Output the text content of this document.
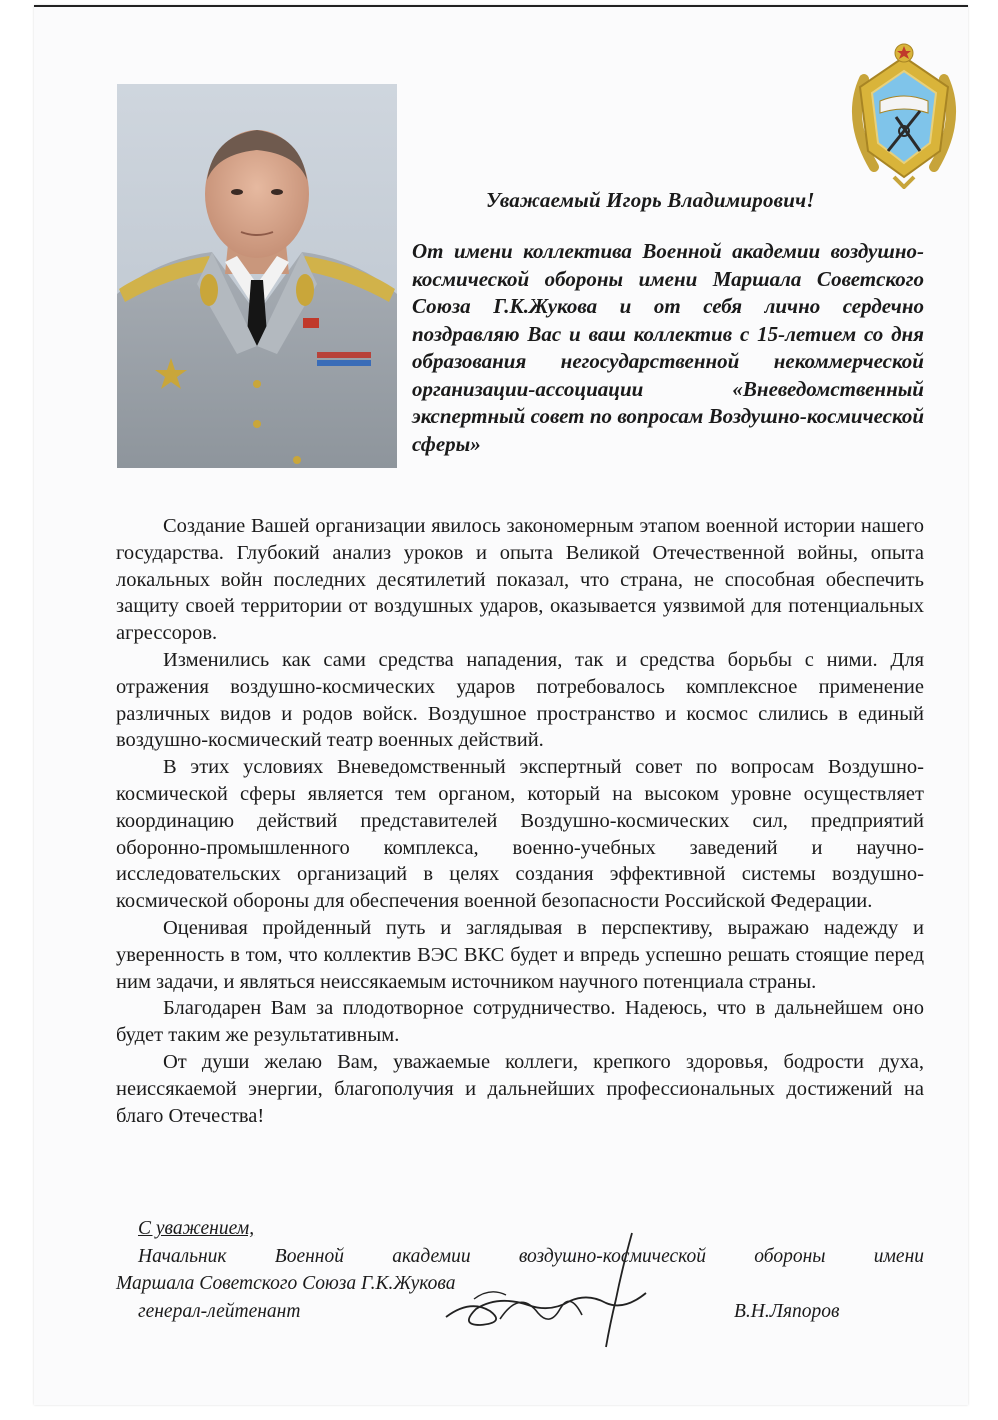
Уважаемый Игорь Владимирович!
От имени коллектива Военной академии воздушно-космической обороны имени Маршала Советского Союза Г.К.Жукова и от себя лично сердечно поздравляю Вас и ваш коллектив с 15-летием со дня образования негосударственной некоммерческой организации-ассоциации «Вневедомственный экспертный совет по вопросам Воздушно-космической сферы»

Создание Вашей организации явилось закономерным этапом военной истории нашего государства. Глубокий анализ уроков и опыта Великой Отечественной войны, опыта локальных войн последних десятилетий показал, что страна, не способная обеспечить защиту своей территории от воздушных ударов, оказывается уязвимой для потенциальных агрессоров.

Изменились как сами средства нападения, так и средства борьбы с ними. Для отражения воздушно-космических ударов потребовалось комплексное применение различных видов и родов войск. Воздушное пространство и космос слились в единый воздушно-космический театр военных действий.

В этих условиях Вневедомственный экспертный совет по вопросам Воздушно-космической сферы является тем органом, который на высоком уровне осуществляет координацию действий представителей Воздушно-космических сил, предприятий оборонно-промышленного комплекса, военно-учебных заведений и научно-исследовательских организаций в целях создания эффективной системы воздушно-космической обороны для обеспечения военной безопасности Российской Федерации.

Оценивая пройденный путь и заглядывая в перспективу, выражаю надежду и уверенность в том, что коллектив ВЭС ВКС будет и впредь успешно решать стоящие перед ним задачи, и являться неиссякаемым источником научного потенциала страны.

Благодарен Вам за плодотворное сотрудничество. Надеюсь, что в дальнейшем оно будет таким же результативным.

От души желаю Вам, уважаемые коллеги, крепкого здоровья, бодрости духа, неиссякаемой энергии, благополучия и дальнейших профессиональных достижений на благо Отечества!

С уважением,
Начальник Военной академии воздушно-космической обороны имени
Маршала Советского Союза Г.К.Жукова
генерал-лейтенант	В.Н.Ляпоров
